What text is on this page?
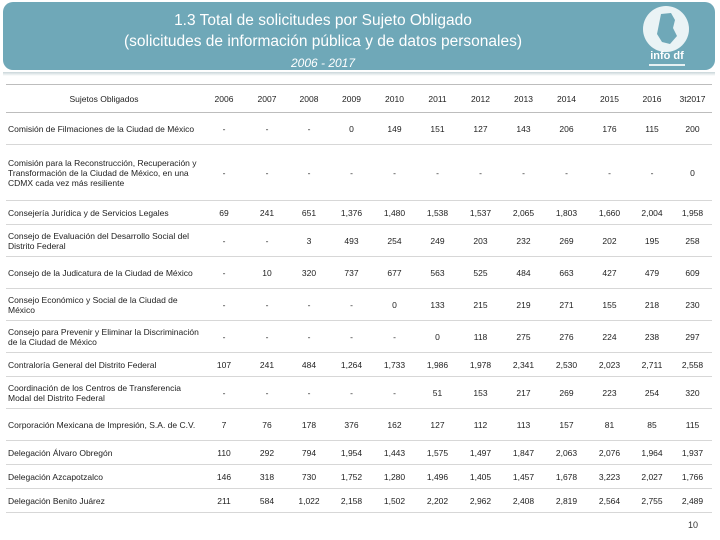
1.3 Total de solicitudes por Sujeto Obligado
(solicitudes de información pública y de datos personales)
2006 - 2017	info df
Sujetos Obligados	2006	2007	2008	2009	2010	2011	2012	2013	2014	2015	2016	3t2017
Comisión de Filmaciones de la Ciudad de México	-	-	-	0	149	151	127	143	206	176	115	200
Comisión para la Reconstrucción, Recuperación y Transformación de la Ciudad de México, en una CDMX cada vez más resiliente	-	-	-	-	-	-	-	-	-	-	-	0
Consejería Jurídica y de Servicios Legales	69	241	651	1,376	1,480	1,538	1,537	2,065	1,803	1,660	2,004	1,958
Consejo de Evaluación del Desarrollo Social del Distrito Federal	-	-	3	493	254	249	203	232	269	202	195	258
Consejo de la Judicatura de la Ciudad de México	-	10	320	737	677	563	525	484	663	427	479	609
Consejo Económico y Social de la Ciudad de México	-	-	-	-	0	133	215	219	271	155	218	230
Consejo para Prevenir y Eliminar la Discriminación de la Ciudad de México	-	-	-	-	-	0	118	275	276	224	238	297
Contraloría General del Distrito Federal	107	241	484	1,264	1,733	1,986	1,978	2,341	2,530	2,023	2,711	2,558
Coordinación de los Centros de Transferencia Modal del Distrito Federal	-	-	-	-	-	51	153	217	269	223	254	320
Corporación Mexicana de Impresión, S.A. de C.V.	7	76	178	376	162	127	112	113	157	81	85	115
Delegación Álvaro Obregón	110	292	794	1,954	1,443	1,575	1,497	1,847	2,063	2,076	1,964	1,937
Delegación Azcapotzalco	146	318	730	1,752	1,280	1,496	1,405	1,457	1,678	3,223	2,027	1,766
Delegación Benito Juárez	211	584	1,022	2,158	1,502	2,202	2,962	2,408	2,819	2,564	2,755	2,489
10
